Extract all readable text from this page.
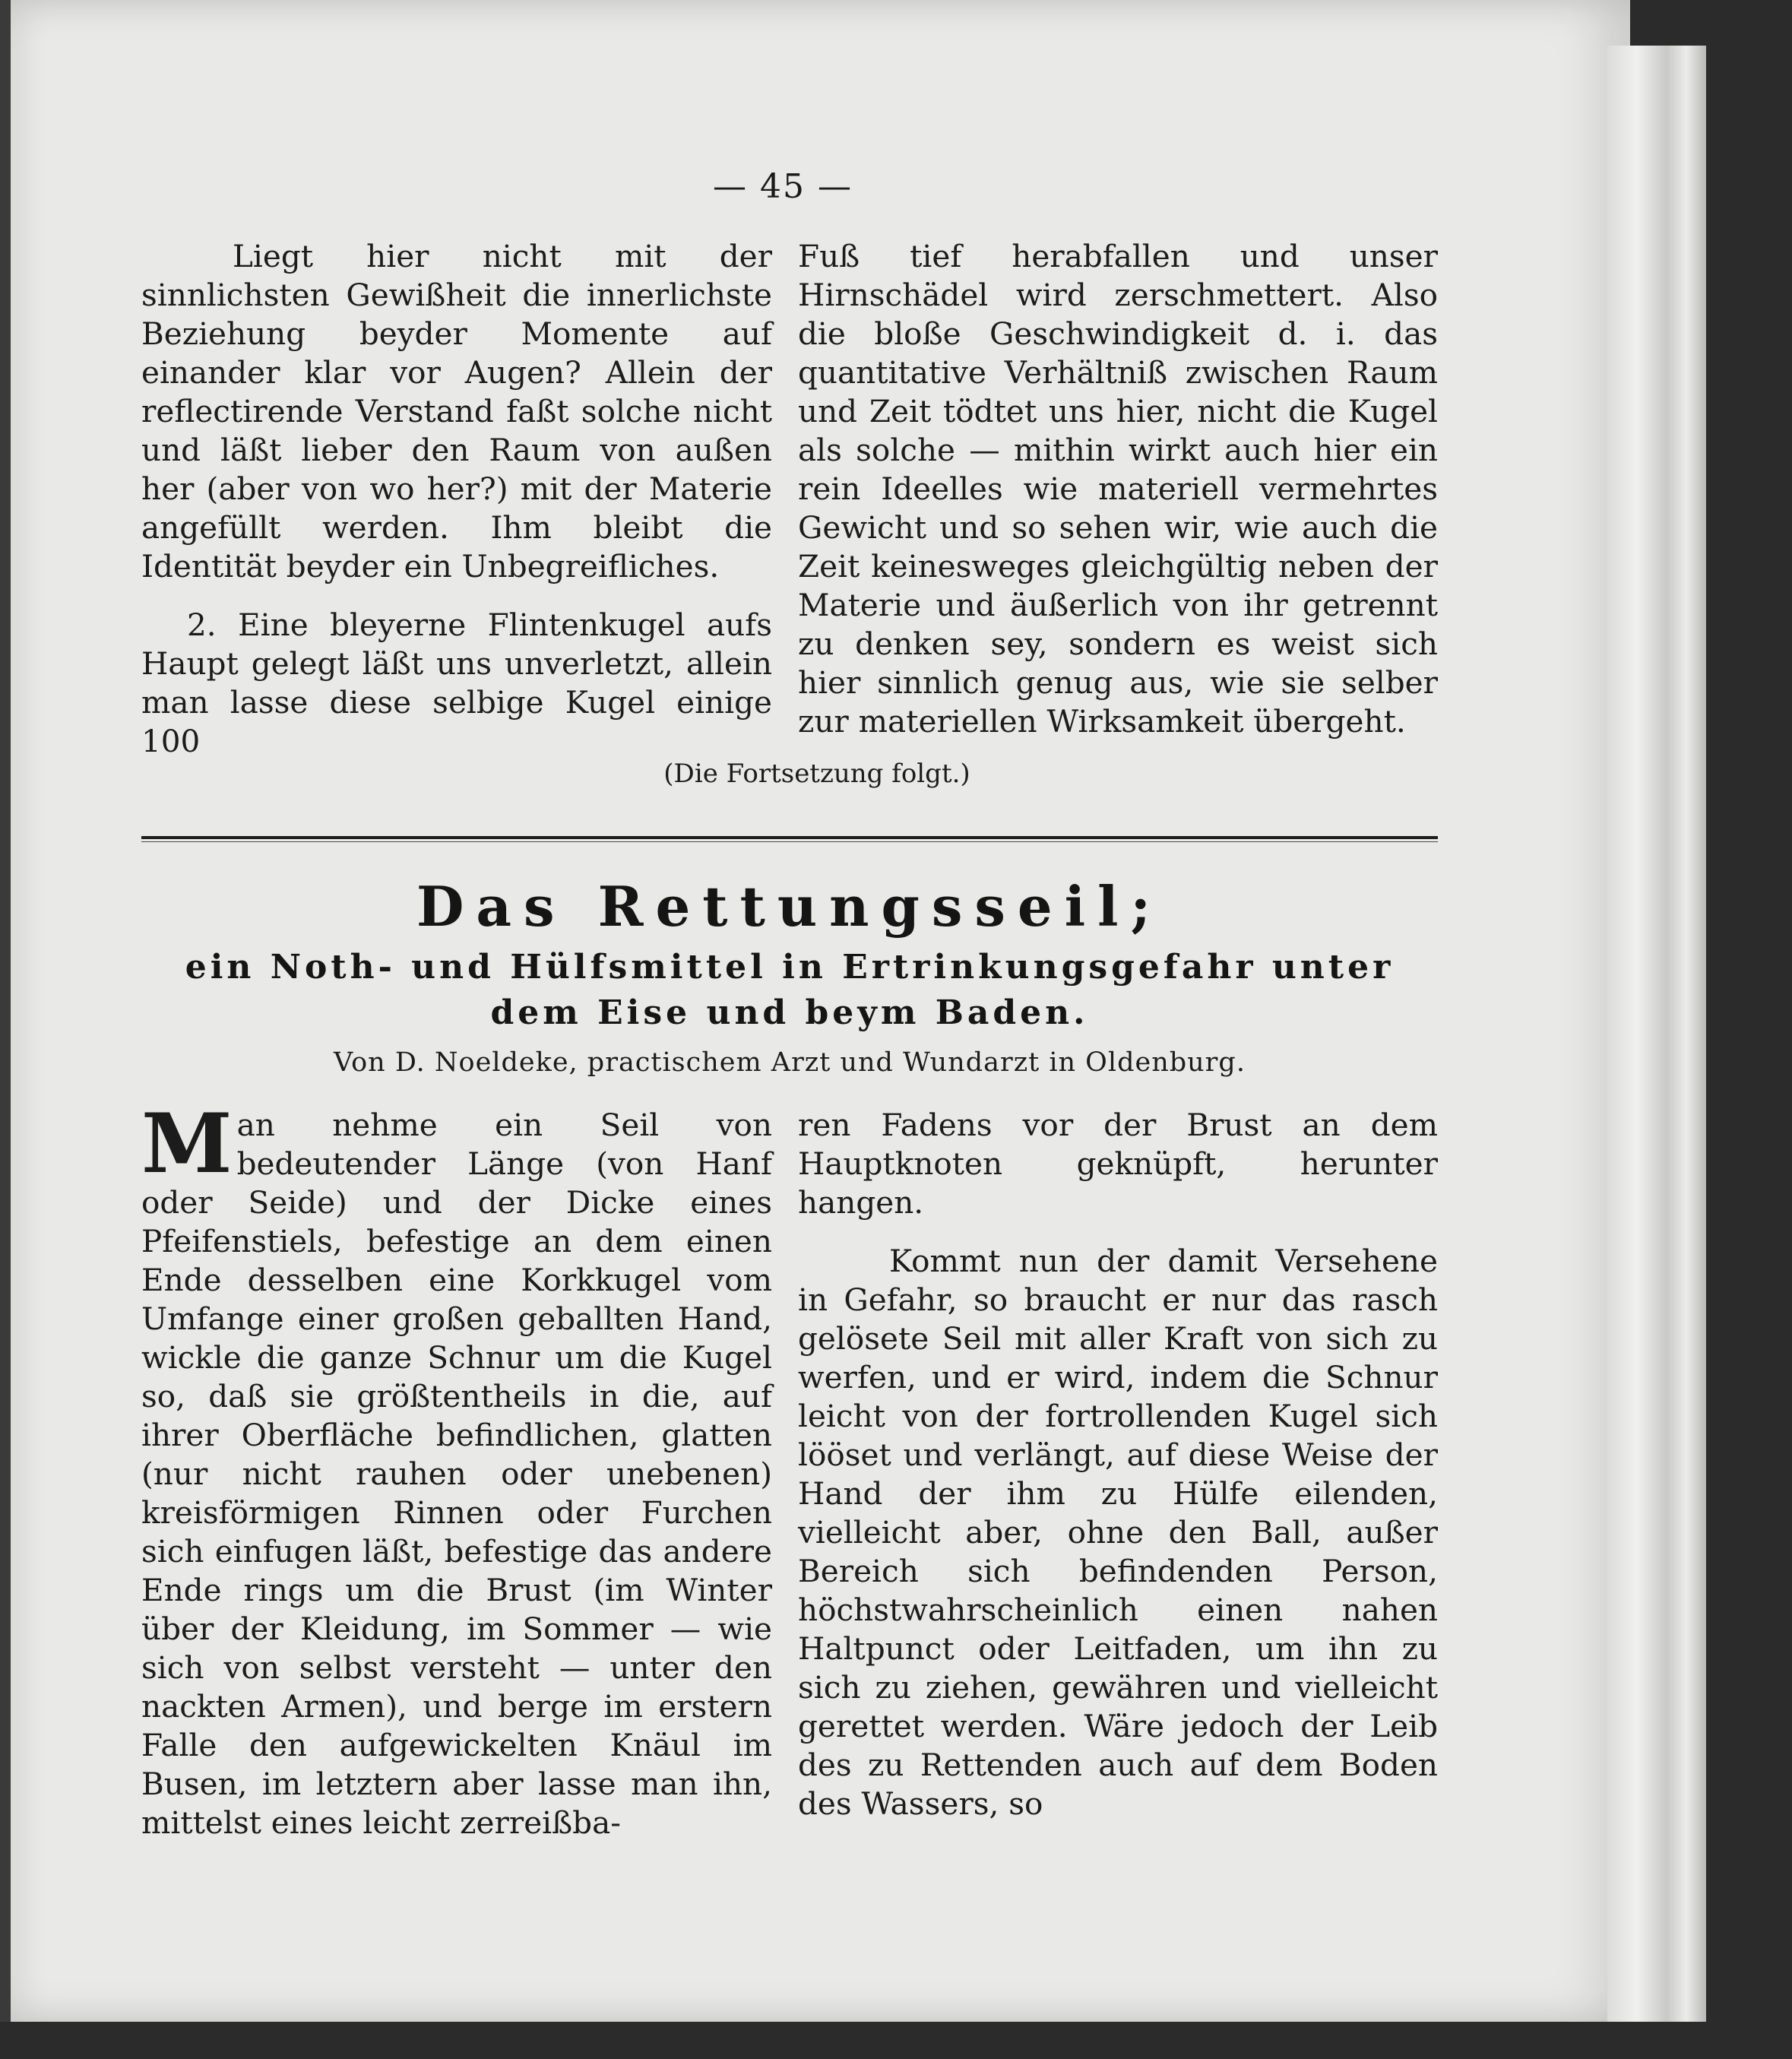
— 45 —

Liegt hier nicht mit der sinnlichsten Gewißheit die innerlichste Beziehung beyder Momente auf einander klar vor Augen? Allein der reflectirende Verstand faßt solche nicht und läßt lieber den Raum von außen her (aber von wo her?) mit der Materie angefüllt werden. Ihm bleibt die Identität beyder ein Unbegreifliches.

2. Eine bleyerne Flintenkugel aufs Haupt gelegt läßt uns unverletzt, allein man lasse diese selbige Kugel einige 100

Fuß tief herabfallen und unser Hirnschädel wird zerschmettert. Also die bloße Geschwindigkeit d. i. das quantitative Verhältniß zwischen Raum und Zeit tödtet uns hier, nicht die Kugel als solche — mithin wirkt auch hier ein rein Ideelles wie materiell vermehrtes Gewicht und so sehen wir, wie auch die Zeit keinesweges gleichgültig neben der Materie und äußerlich von ihr getrennt zu denken sey, sondern es weist sich hier sinnlich genug aus, wie sie selber zur materiellen Wirksamkeit übergeht.

(Die Fortsetzung folgt.)
Das Rettungsseil;
ein Noth- und Hülfsmittel in Ertrinkungsgefahr unter dem Eise und beym Baden.
Von D. Noeldeke, practischem Arzt und Wundarzt in Oldenburg.

Man nehme ein Seil von bedeutender Länge (von Hanf oder Seide) und der Dicke eines Pfeifenstiels, befestige an dem einen Ende desselben eine Korkkugel vom Umfange einer großen geballten Hand, wickle die ganze Schnur um die Kugel so, daß sie größtentheils in die, auf ihrer Oberfläche befindlichen, glatten (nur nicht rauhen oder unebenen) kreisförmigen Rinnen oder Furchen sich einfugen läßt, befestige das andere Ende rings um die Brust (im Winter über der Kleidung, im Sommer — wie sich von selbst versteht — unter den nackten Armen), und berge im erstern Falle den aufgewickelten Knäul im Busen, im letztern aber lasse man ihn, mittelst eines leicht zerreißba-

ren Fadens vor der Brust an dem Hauptknoten geknüpft, herunter hangen.

Kommt nun der damit Versehene in Gefahr, so braucht er nur das rasch gelösete Seil mit aller Kraft von sich zu werfen, und er wird, indem die Schnur leicht von der fortrollenden Kugel sich lööset und verlängt, auf diese Weise der Hand der ihm zu Hülfe eilenden, vielleicht aber, ohne den Ball, außer Bereich sich befindenden Person, höchstwahrscheinlich einen nahen Haltpunct oder Leitfaden, um ihn zu sich zu ziehen, gewähren und vielleicht gerettet werden. Wäre jedoch der Leib des zu Rettenden auch auf dem Boden des Wassers, so
